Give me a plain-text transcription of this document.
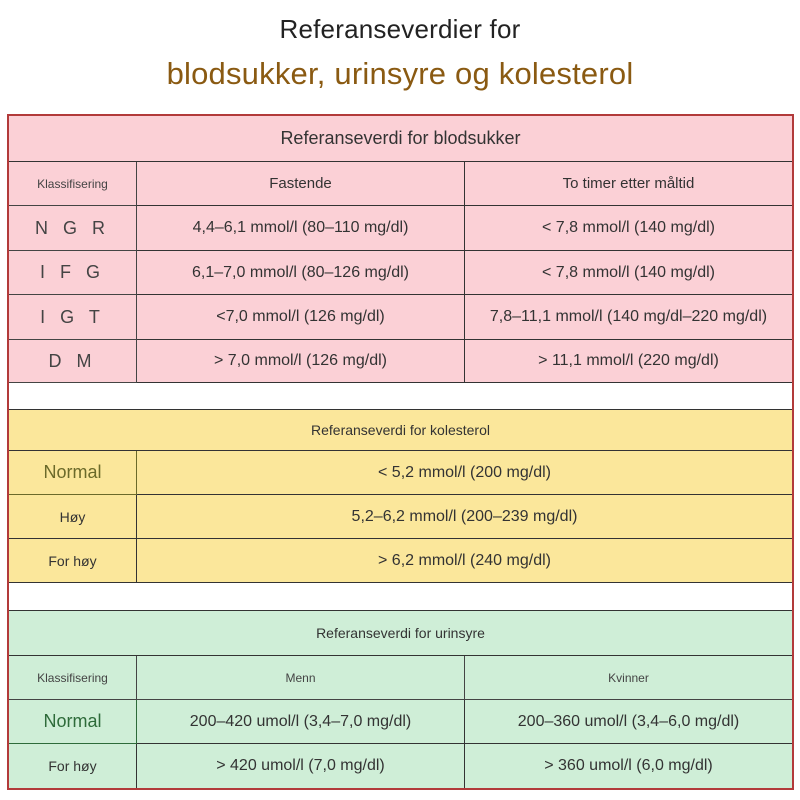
Referanseverdier for
blodsukker, urinsyre og kolesterol
Referanseverdi for blodsukker
Klassifisering	Fastende	To timer etter måltid
N G R	4,4–6,1 mmol/l (80–110 mg/dl)	< 7,8 mmol/l (140 mg/dl)
I F G	6,1–7,0 mmol/l (80–126 mg/dl)	< 7,8 mmol/l (140 mg/dl)
I G T	<7,0 mmol/l (126 mg/dl)	7,8–11,1 mmol/l (140 mg/dl–220 mg/dl)
D M	> 7,0 mmol/l (126 mg/dl)	> 11,1 mmol/l (220 mg/dl)
Referanseverdi for kolesterol
Normal	< 5,2 mmol/l (200 mg/dl)
Høy	5,2–6,2 mmol/l (200–239 mg/dl)
For høy	> 6,2 mmol/l (240 mg/dl)
Referanseverdi for urinsyre
Klassifisering	Menn	Kvinner
Normal	200–420 umol/l (3,4–7,0 mg/dl)	200–360 umol/l (3,4–6,0 mg/dl)
For høy	> 420 umol/l (7,0 mg/dl)	> 360 umol/l (6,0 mg/dl)
